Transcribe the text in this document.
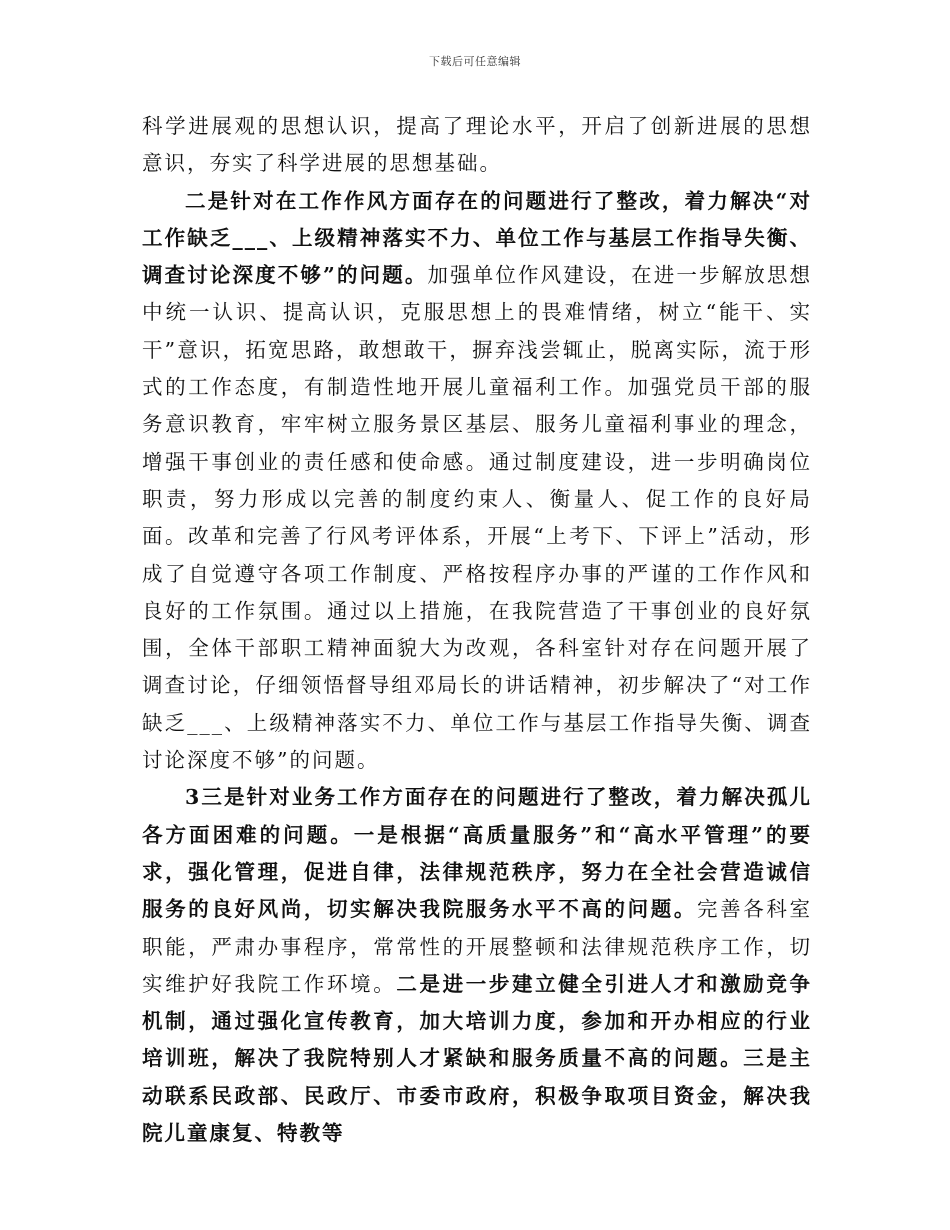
下载后可任意编辑

科学进展观的思想认识，提高了理论水平，开启了创新进展的思想意识，夯实了科学进展的思想基础。

二是针对在工作作风方面存在的问题进行了整改，着力解决“对工作缺乏___、上级精神落实不力、单位工作与基层工作指导失衡、调查讨论深度不够”的问题。加强单位作风建设，在进一步解放思想中统一认识、提高认识，克服思想上的畏难情绪，树立“能干、实干”意识，拓宽思路，敢想敢干，摒弃浅尝辄止，脱离实际，流于形式的工作态度，有制造性地开展儿童福利工作。加强党员干部的服务意识教育，牢牢树立服务景区基层、服务儿童福利事业的理念，增强干事创业的责任感和使命感。通过制度建设，进一步明确岗位职责，努力形成以完善的制度约束人、衡量人、促工作的良好局面。改革和完善了行风考评体系，开展“上考下、下评上”活动，形成了自觉遵守各项工作制度、严格按程序办事的严谨的工作作风和良好的工作氛围。通过以上措施，在我院营造了干事创业的良好氛围，全体干部职工精神面貌大为改观，各科室针对存在问题开展了调查讨论，仔细领悟督导组邓局长的讲话精神，初步解决了“对工作缺乏___、上级精神落实不力、单位工作与基层工作指导失衡、调查讨论深度不够”的问题。

3三是针对业务工作方面存在的问题进行了整改，着力解决孤儿各方面困难的问题。一是根据“高质量服务”和“高水平管理”的要求，强化管理，促进自律，法律规范秩序，努力在全社会营造诚信服务的良好风尚，切实解决我院服务水平不高的问题。完善各科室职能，严肃办事程序，常常性的开展整顿和法律规范秩序工作，切实维护好我院工作环境。二是进一步建立健全引进人才和激励竞争机制，通过强化宣传教育，加大培训力度，参加和开办相应的行业培训班，解决了我院特别人才紧缺和服务质量不高的问题。三是主动联系民政部、民政厅、市委市政府，积极争取项目资金，解决我院儿童康复、特教等
